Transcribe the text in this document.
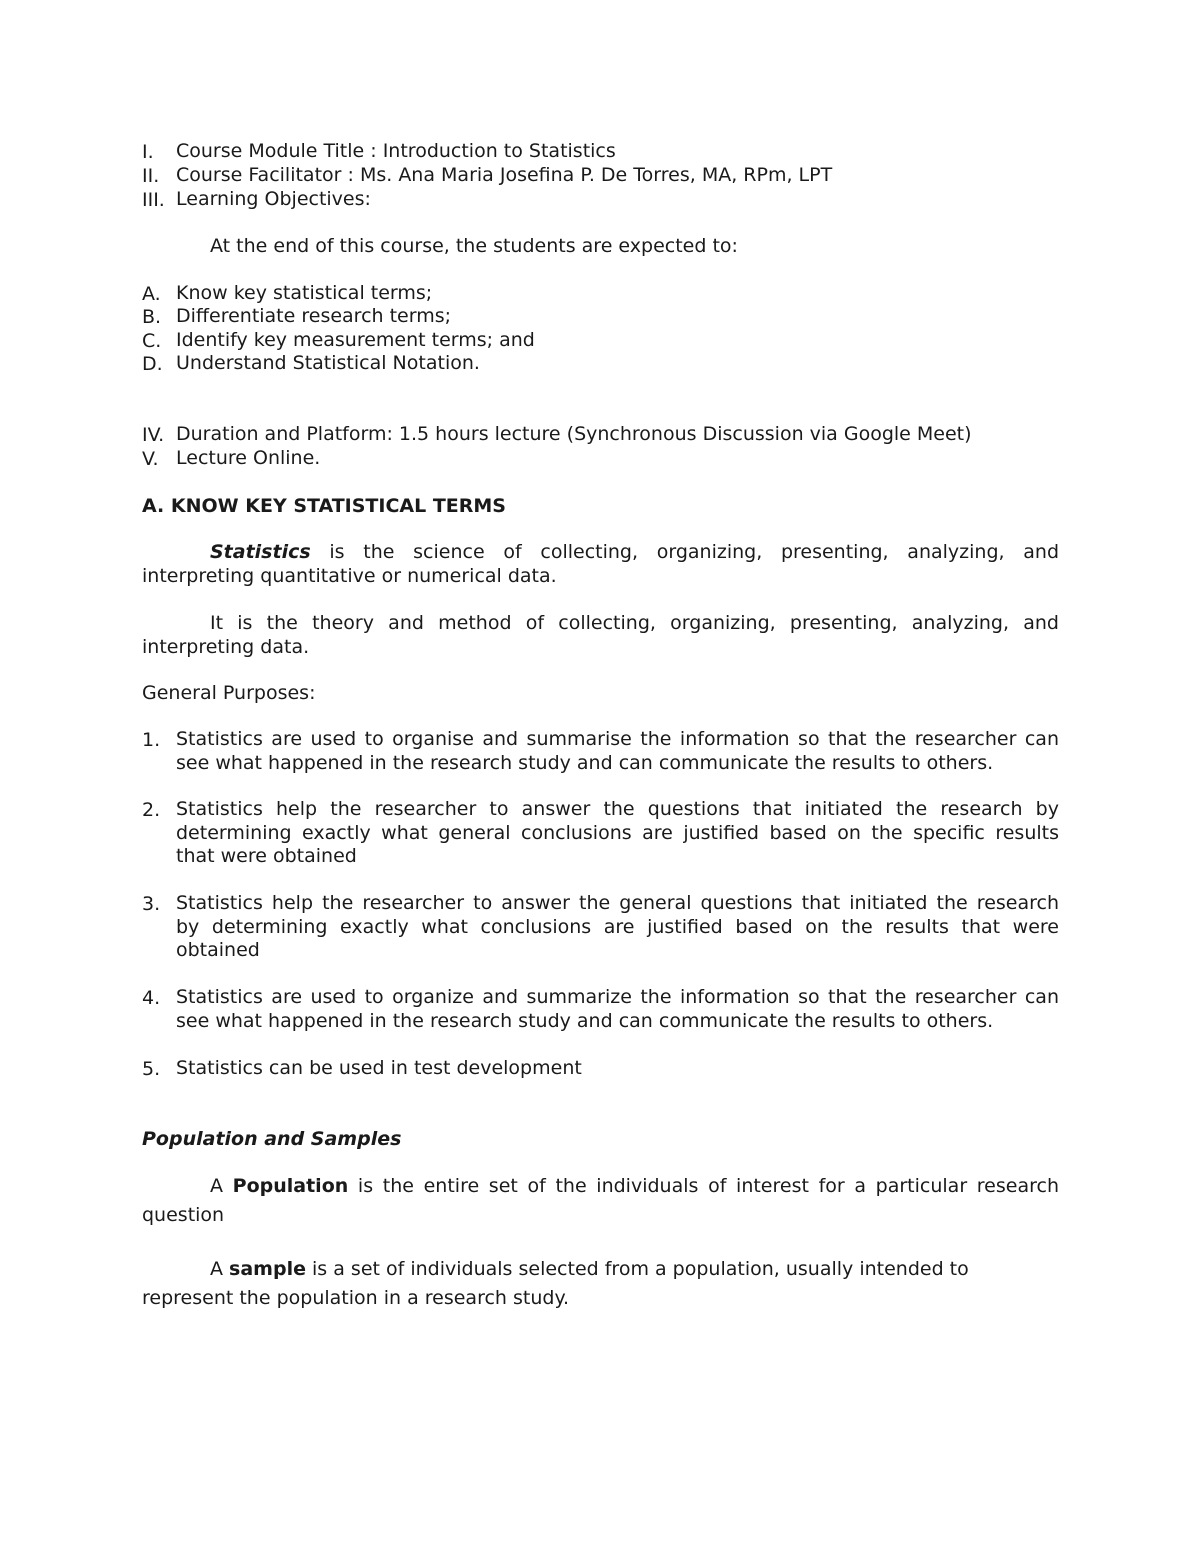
I. Course Module Title : Introduction to Statistics
II. Course Facilitator : Ms. Ana Maria Josefina P. De Torres, MA, RPm, LPT
III. Learning Objectives:
At the end of this course, the students are expected to:
A. Know key statistical terms;
B. Differentiate research terms;
C. Identify key measurement terms; and
D. Understand Statistical Notation.
IV. Duration and Platform: 1.5 hours lecture (Synchronous Discussion via Google Meet)
V. Lecture Online.
A. KNOW KEY STATISTICAL TERMS
Statistics is the science of collecting, organizing, presenting, analyzing, and
interpreting quantitative or numerical data.
It is the theory and method of collecting, organizing, presenting, analyzing, and
interpreting data.
General Purposes:
1. Statistics are used to organise and summarise the information so that the researcher can
see what happened in the research study and can communicate the results to others.
2. Statistics help the researcher to answer the questions that initiated the research by
determining exactly what general conclusions are justified based on the specific results
that were obtained
3. Statistics help the researcher to answer the general questions that initiated the research
by determining exactly what conclusions are justified based on the results that were
obtained
4. Statistics are used to organize and summarize the information so that the researcher can
see what happened in the research study and can communicate the results to others.
5. Statistics can be used in test development
Population and Samples
A Population is the entire set of the individuals of interest for a particular research
question
A sample is a set of individuals selected from a population, usually intended to
represent the population in a research study.
